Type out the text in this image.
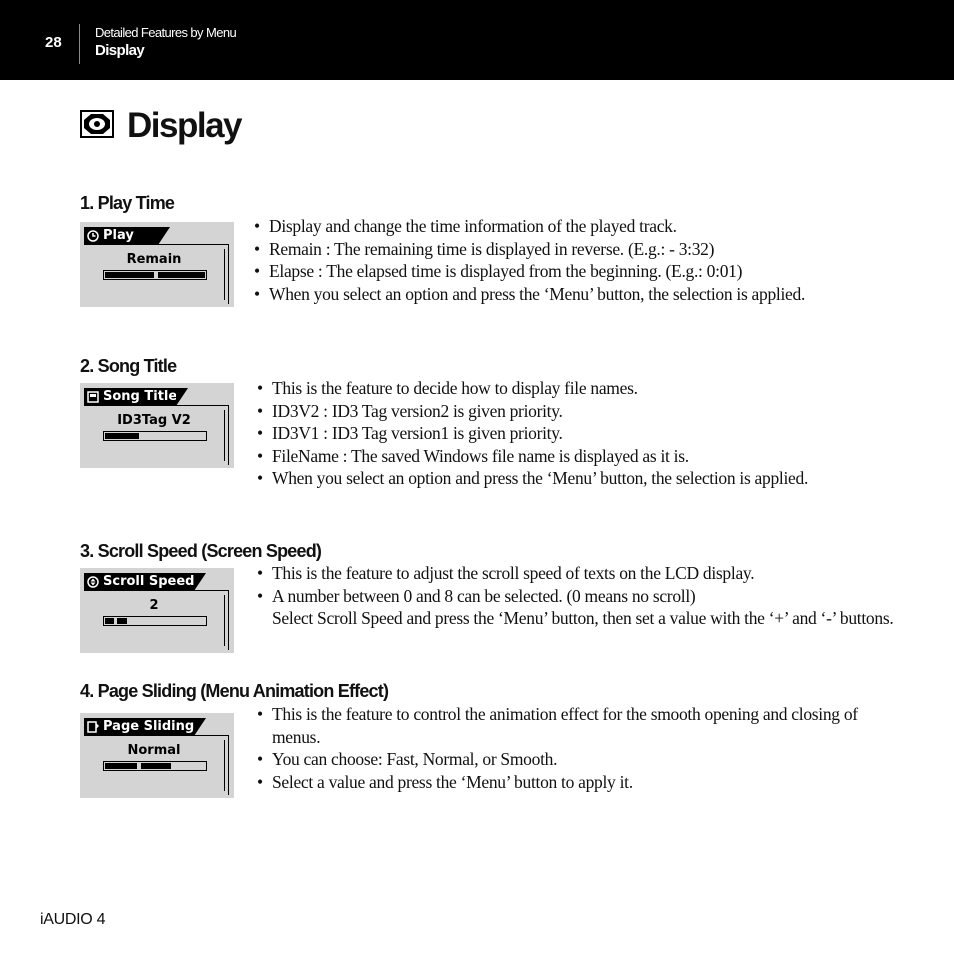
28
Detailed Features by Menu
Display
Display
1. Play Time
Play
Remain
• Display and change the time information of the played track.
• Remain : The remaining time is displayed in reverse. (E.g.: - 3:32)
• Elapse : The elapsed time is displayed from the beginning. (E.g.: 0:01)
• When you select an option and press the ‘Menu’ button, the selection is applied.
2. Song Title
Song Title
ID3Tag V2
• This is the feature to decide how to display file names.
• ID3V2 : ID3 Tag version2 is given priority.
• ID3V1 : ID3 Tag version1 is given priority.
• FileName : The saved Windows file name is displayed as it is.
• When you select an option and press the ‘Menu’ button, the selection is applied.
3. Scroll Speed (Screen Speed)
Scroll Speed
2
• This is the feature to adjust the scroll speed of texts on the LCD display.
• A number between 0 and 8 can be selected. (0 means no scroll)
Select Scroll Speed and press the ‘Menu’ button, then set a value with the ‘+’ and ‘-’ buttons.
4. Page Sliding (Menu Animation Effect)
Page Sliding
Normal
• This is the feature to control the animation effect for the smooth opening and closing of menus.
• You can choose: Fast, Normal, or Smooth.
• Select a value and press the ‘Menu’ button to apply it.
iAUDIO 4
